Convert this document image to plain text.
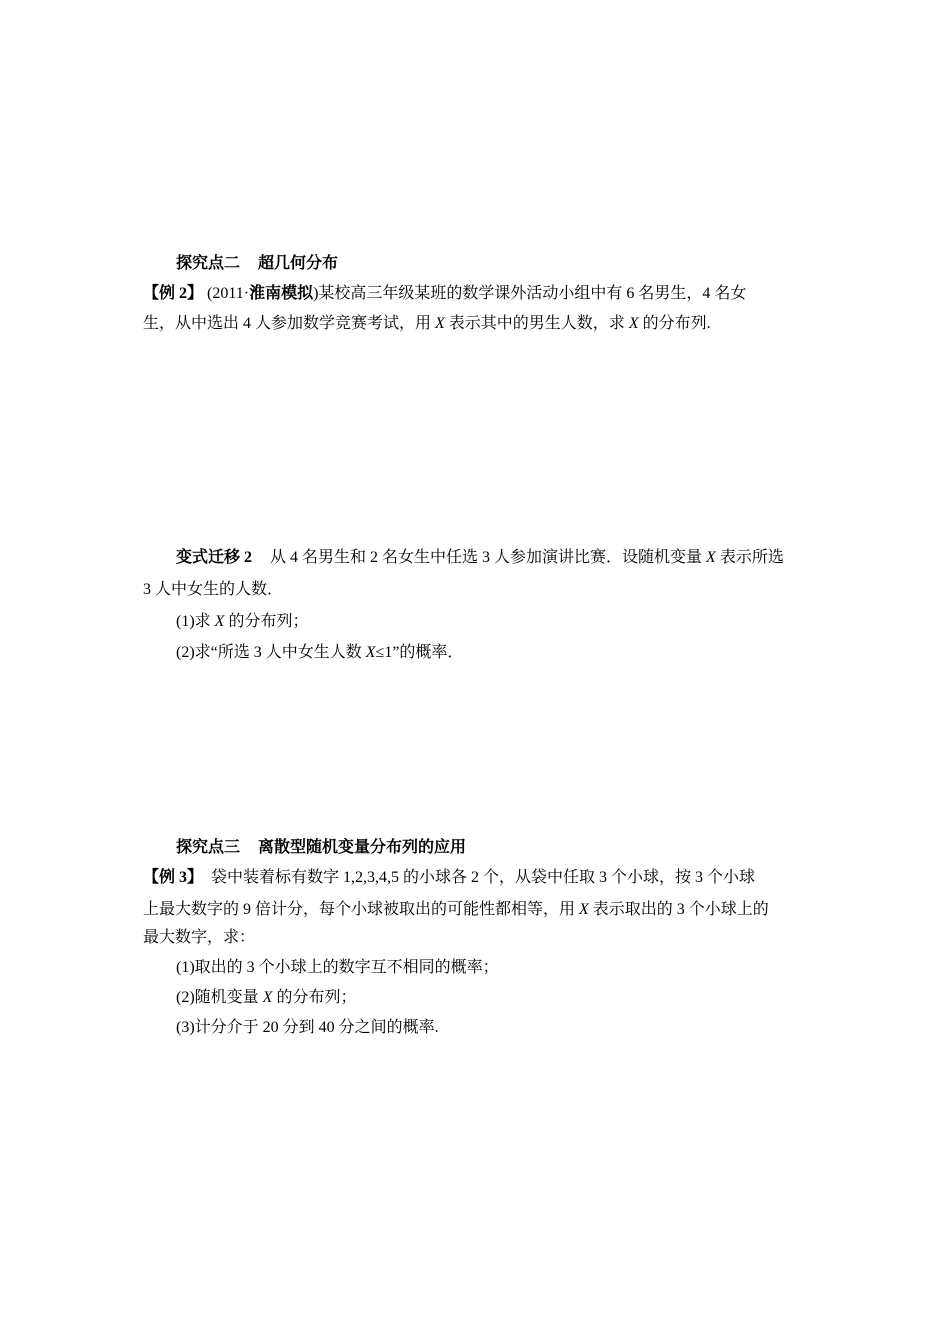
探究点二 超几何分布
【例 2】 (2011·淮南模拟)某校高三年级某班的数学课外活动小组中有 6 名男生，4 名女
生，从中选出 4 人参加数学竞赛考试，用 X 表示其中的男生人数，求 X 的分布列.
变式迁移 2 从 4 名男生和 2 名女生中任选 3 人参加演讲比赛．设随机变量 X 表示所选
3 人中女生的人数．
(1)求 X 的分布列；
(2)求“所选 3 人中女生人数 X≤1”的概率．
探究点三 离散型随机变量分布列的应用
【例 3】 袋中装着标有数字 1,2,3,4,5 的小球各 2 个，从袋中任取 3 个小球，按 3 个小球
上最大数字的 9 倍计分，每个小球被取出的可能性都相等，用 X 表示取出的 3 个小球上的
最大数字，求：
(1)取出的 3 个小球上的数字互不相同的概率；
(2)随机变量 X 的分布列；
(3)计分介于 20 分到 40 分之间的概率.
